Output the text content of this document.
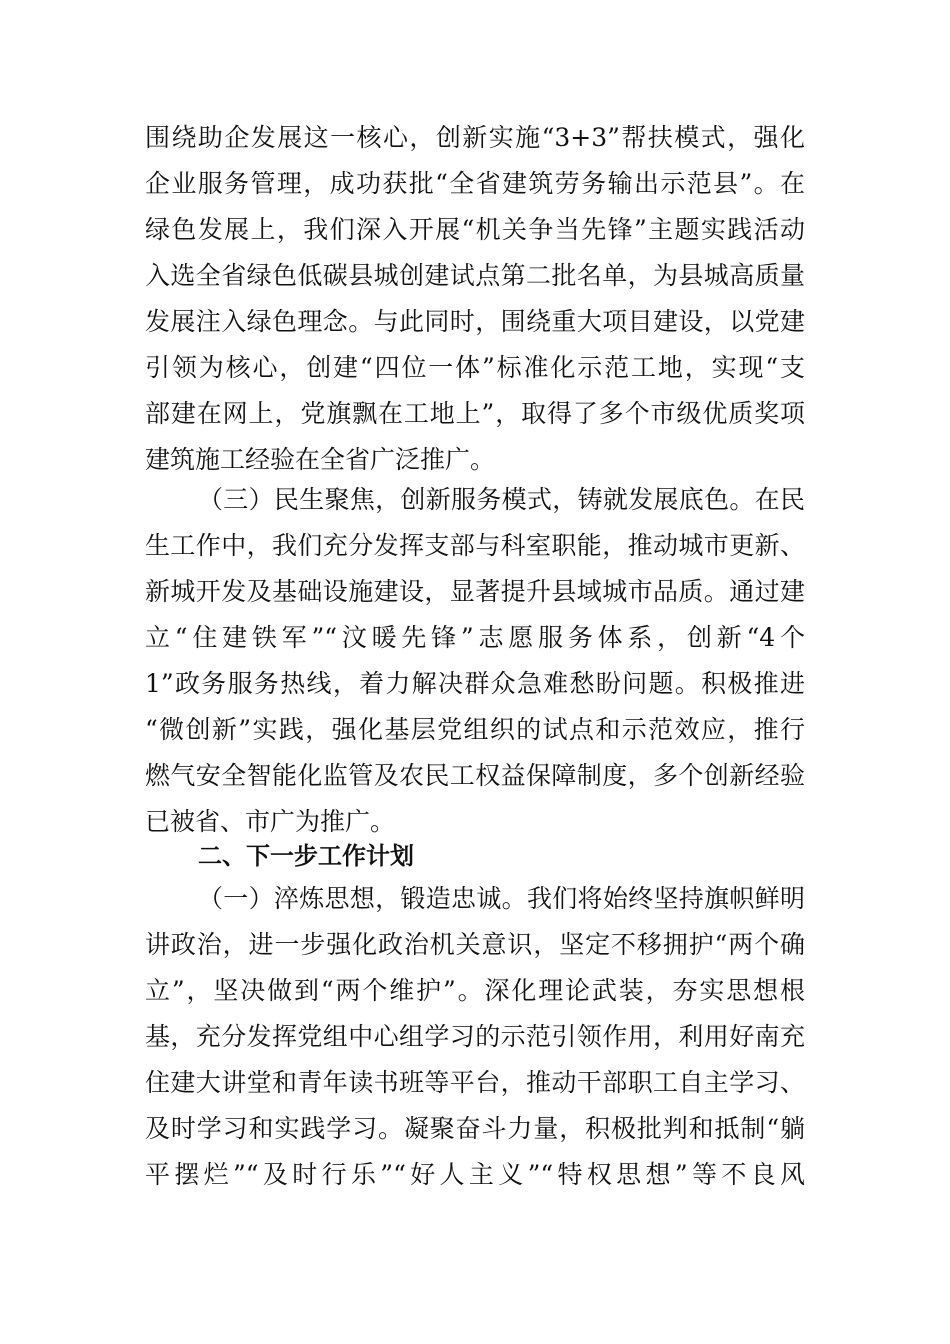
围绕助企发展这一核心，创新实施“3+3”帮扶模式，强化
企业服务管理，成功获批“全省建筑劳务输出示范县”。在
绿色发展上，我们深入开展“机关争当先锋”主题实践活动
入选全省绿色低碳县城创建试点第二批名单，为县城高质量
发展注入绿色理念。与此同时，围绕重大项目建设，以党建
引领为核心，创建“四位一体”标准化示范工地，实现“支
部建在网上，党旗飘在工地上”，取得了多个市级优质奖项
建筑施工经验在全省广泛推广。
（三）民生聚焦，创新服务模式，铸就发展底色。在民
生工作中，我们充分发挥支部与科室职能，推动城市更新、
新城开发及基础设施建设，显著提升县域城市品质。通过建
立“住建铁军”“汶暖先锋”志愿服务体系，创新“4个
1”政务服务热线，着力解决群众急难愁盼问题。积极推进
“微创新”实践，强化基层党组织的试点和示范效应，推行
燃气安全智能化监管及农民工权益保障制度，多个创新经验
已被省、市广为推广。
二、下一步工作计划
（一）淬炼思想，锻造忠诚。我们将始终坚持旗帜鲜明
讲政治，进一步强化政治机关意识，坚定不移拥护“两个确
立”，坚决做到“两个维护”。深化理论武装，夯实思想根
基，充分发挥党组中心组学习的示范引领作用，利用好南充
住建大讲堂和青年读书班等平台，推动干部职工自主学习、
及时学习和实践学习。凝聚奋斗力量，积极批判和抵制“躺
平摆烂”“及时行乐”“好人主义”“特权思想”等不良风
